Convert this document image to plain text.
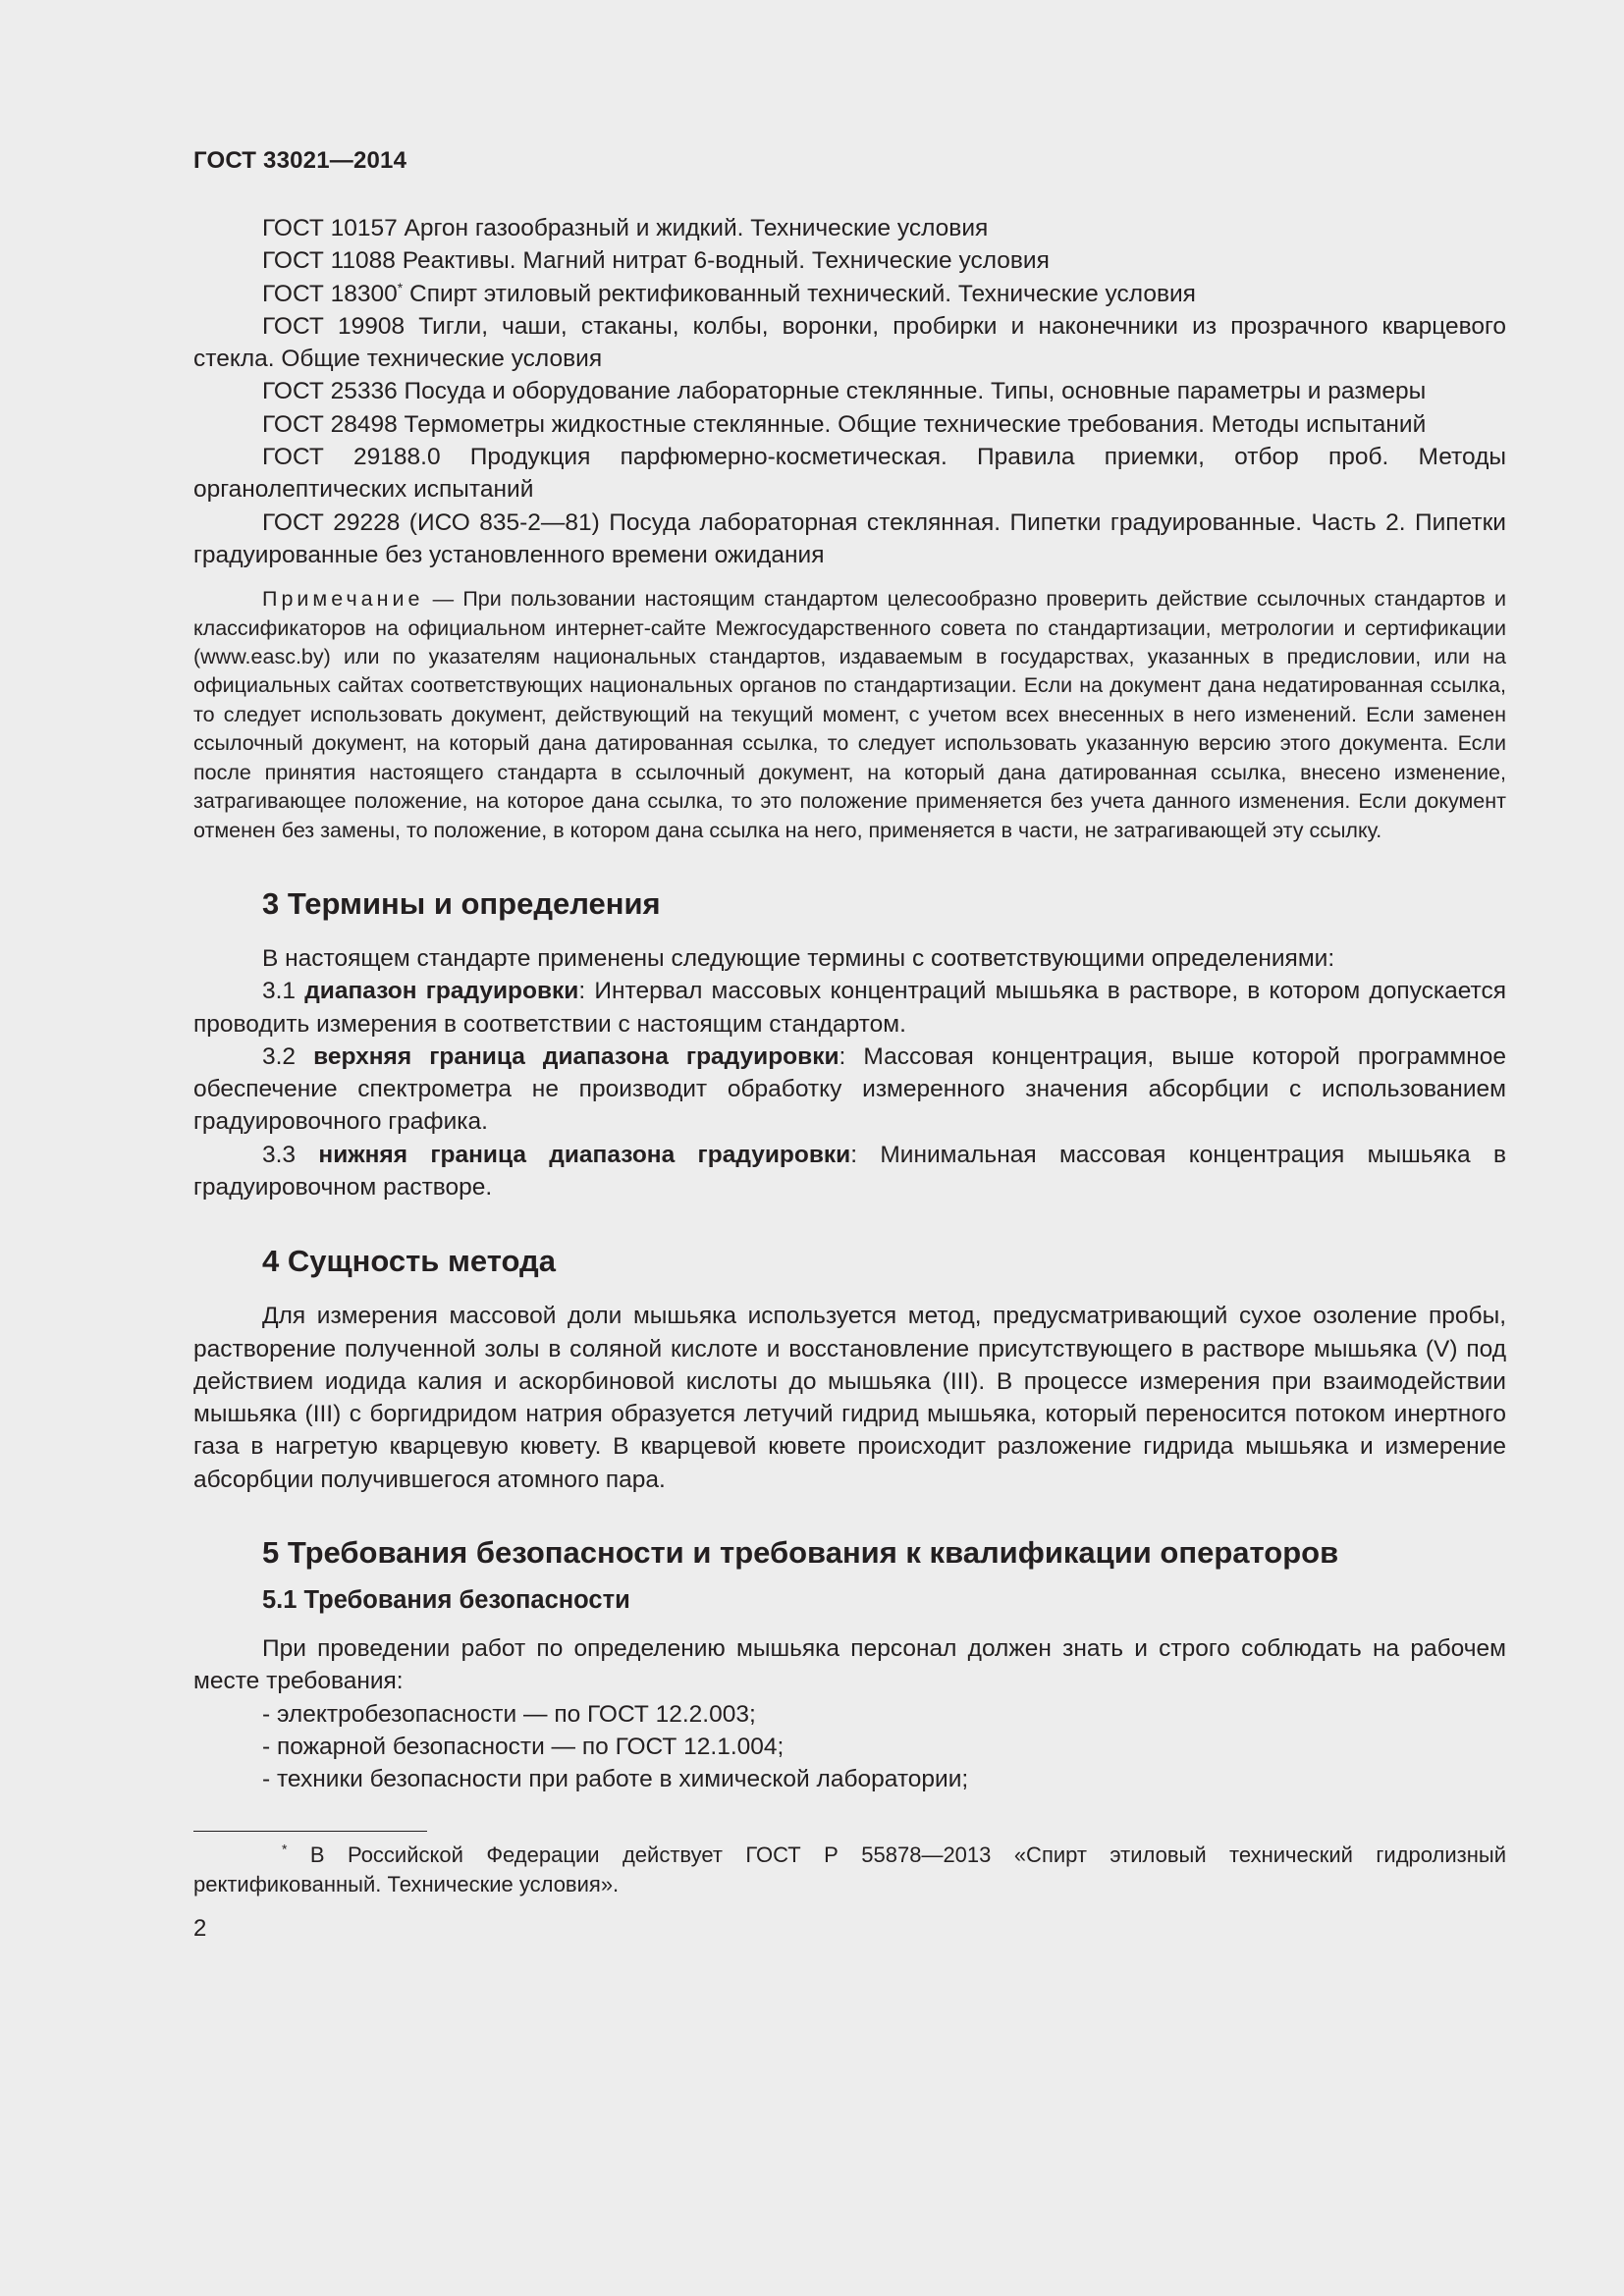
ГОСТ 33021—2014

ГОСТ 10157 Аргон газообразный и жидкий. Технические условия

ГОСТ 11088 Реактивы. Магний нитрат 6-водный. Технические условия

ГОСТ 18300* Спирт этиловый ректификованный технический. Технические условия

ГОСТ 19908 Тигли, чаши, стаканы, колбы, воронки, пробирки и наконечники из прозрачного кварцевого стекла. Общие технические условия

ГОСТ 25336 Посуда и оборудование лабораторные стеклянные. Типы, основные параметры и размеры

ГОСТ 28498 Термометры жидкостные стеклянные. Общие технические требования. Методы испытаний

ГОСТ 29188.0 Продукция парфюмерно-косметическая. Правила приемки, отбор проб. Методы органолептических испытаний

ГОСТ 29228 (ИСО 835-2—81) Посуда лабораторная стеклянная. Пипетки градуированные. Часть 2. Пипетки градуированные без установленного времени ожидания

Примечание — При пользовании настоящим стандартом целесообразно проверить действие ссылочных стандартов и классификаторов на официальном интернет-сайте Межгосударственного совета по стандартизации, метрологии и сертификации (www.easc.by) или по указателям национальных стандартов, издаваемым в государствах, указанных в предисловии, или на официальных сайтах соответствующих национальных органов по стандартизации. Если на документ дана недатированная ссылка, то следует использовать документ, действующий на текущий момент, с учетом всех внесенных в него изменений. Если заменен ссылочный документ, на который дана датированная ссылка, то следует использовать указанную версию этого документа. Если после принятия настоящего стандарта в ссылочный документ, на который дана датированная ссылка, внесено изменение, затрагивающее положение, на которое дана ссылка, то это положение применяется без учета данного изменения. Если документ отменен без замены, то положение, в котором дана ссылка на него, применяется в части, не затрагивающей эту ссылку.
3 Термины и определения

В настоящем стандарте применены следующие термины с соответствующими определениями:

3.1 диапазон градуировки: Интервал массовых концентраций мышьяка в растворе, в котором допускается проводить измерения в соответствии с настоящим стандартом.

3.2 верхняя граница диапазона градуировки: Массовая концентрация, выше которой программное обеспечение спектрометра не производит обработку измеренного значения абсорбции с использованием градуировочного графика.

3.3 нижняя граница диапазона градуировки: Минимальная массовая концентрация мышьяка в градуировочном растворе.

4 Сущность метода

Для измерения массовой доли мышьяка используется метод, предусматривающий сухое озоление пробы, растворение полученной золы в соляной кислоте и восстановление присутствующего в растворе мышьяка (V) под действием иодида калия и аскорбиновой кислоты до мышьяка (III). В процессе измерения при взаимодействии мышьяка (III) с боргидридом натрия образуется летучий гидрид мышьяка, который переносится потоком инертного газа в нагретую кварцевую кювету. В кварцевой кювете происходит разложение гидрида мышьяка и измерение абсорбции получившегося атомного пара.

5 Требования безопасности и требования к квалификации операторов
5.1 Требования безопасности

При проведении работ по определению мышьяка персонал должен знать и строго соблюдать на рабочем месте требования:

- электробезопасности — по ГОСТ 12.2.003;
- пожарной безопасности — по ГОСТ 12.1.004;
- техники безопасности при работе в химической лаборатории;
* В Российской Федерации действует ГОСТ Р 55878—2013 «Спирт этиловый технический гидролизный ректификованный. Технические условия».
2
